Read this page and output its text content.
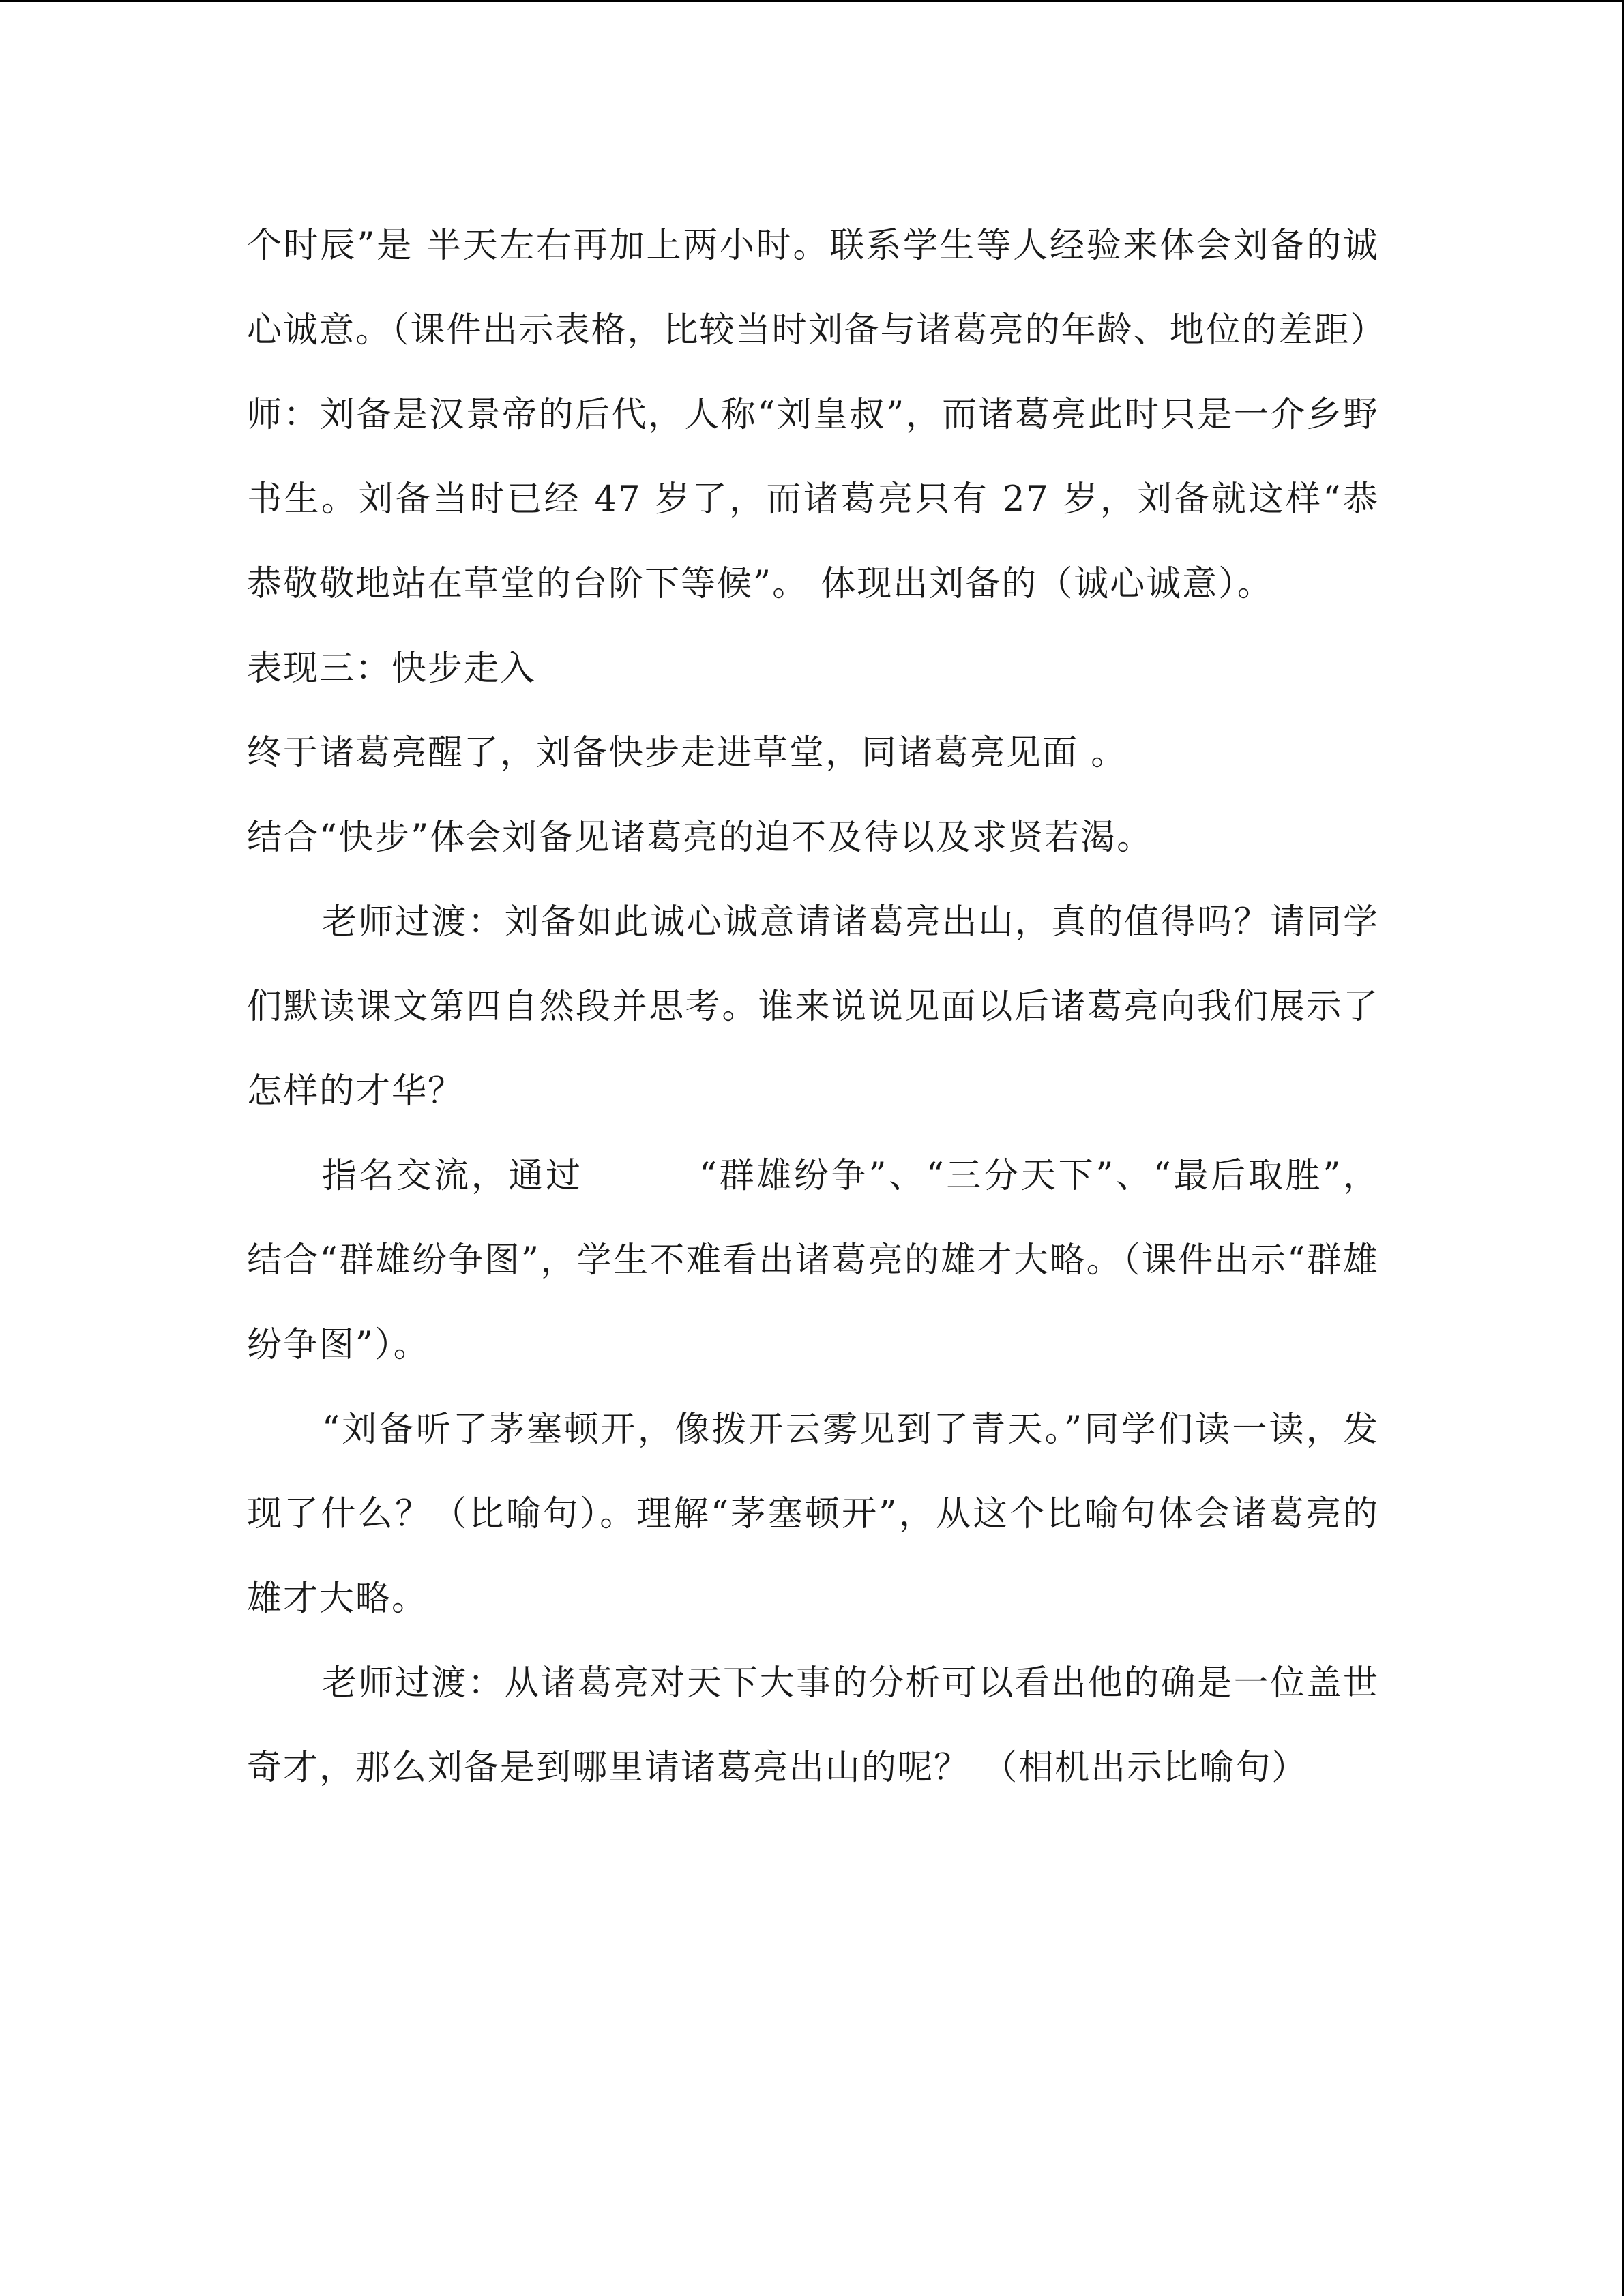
个时辰”是 半天左右再加上两小时。联系学生等人经验来体会刘备的诚心诚意。（课件出示表格，比较当时刘备与诸葛亮的年龄、地位的差距）

师：刘备是汉景帝的后代，人称“刘皇叔”，而诸葛亮此时只是一介乡野书生。刘备当时已经 47 岁了，而诸葛亮只有 27 岁，刘备就这样“恭恭敬敬地站在草堂的台阶下等候”。 体现出刘备的（诚心诚意）。

表现三：快步走入

终于诸葛亮醒了，刘备快步走进草堂，同诸葛亮见面 。

结合“快步”体会刘备见诸葛亮的迫不及待以及求贤若渴。

老师过渡：刘备如此诚心诚意请诸葛亮出山，真的值得吗？请同学们默读课文第四自然段并思考。谁来说说见面以后诸葛亮向我们展示了怎样的才华？

指名交流，通过	“群雄纷争”、“三分天下”、“最后取胜”，结合“群雄纷争图”，学生不难看出诸葛亮的雄才大略。（课件出示“群雄纷争图”）。

“刘备听了茅塞顿开，像拨开云雾见到了青天。”同学们读一读，发现了什么？（比喻句）。理解“茅塞顿开”，从这个比喻句体会诸葛亮的雄才大略。

老师过渡：从诸葛亮对天下大事的分析可以看出他的确是一位盖世奇才，那么刘备是到哪里请诸葛亮出山的呢？ （相机出示比喻句）
